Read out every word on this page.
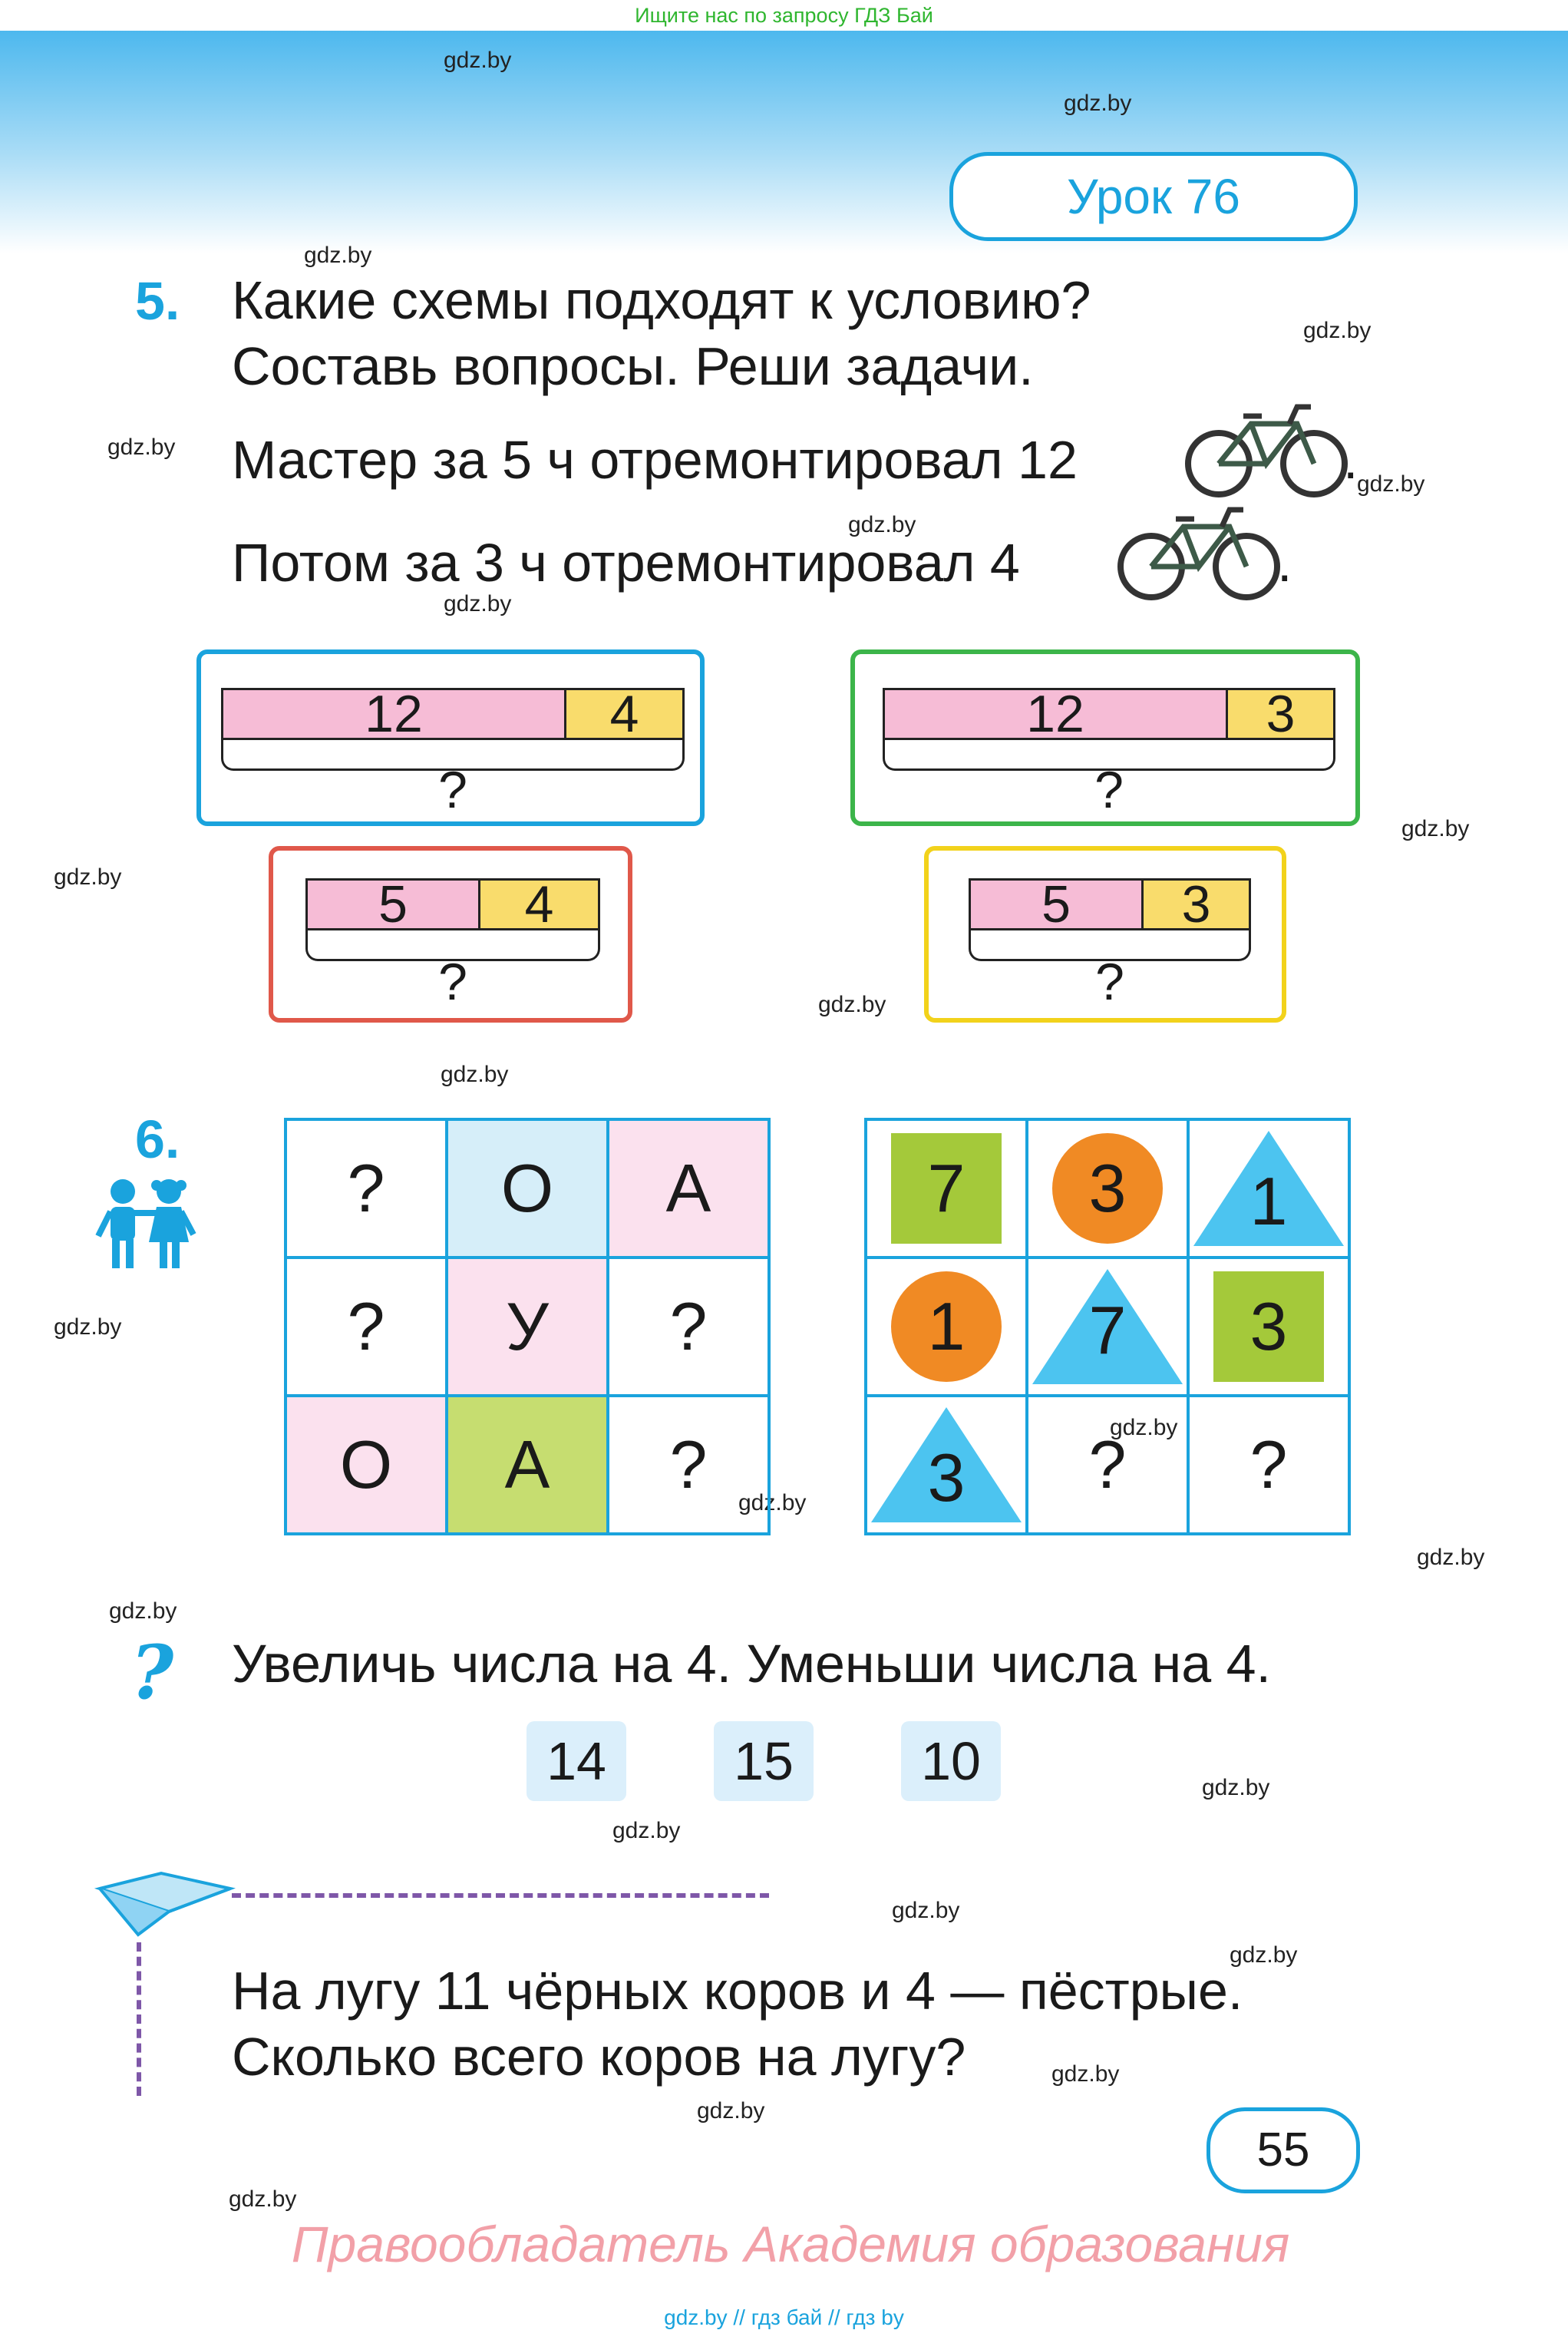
Ищите нас по запросу ГДЗ Бай
gdz.by
gdz.by
gdz.by
gdz.by
gdz.by
gdz.by
gdz.by
gdz.by
gdz.by
gdz.by
gdz.by
gdz.by
gdz.by
gdz.by
gdz.by
gdz.by
gdz.by
gdz.by
gdz.by
gdz.by
gdz.by
gdz.by
gdz.by
gdz.by
Урок 76
5. Какие схемы подходят к условию?
Составь вопросы. Реши задачи.
Мастер за 5 ч отремонтировал 12
Потом за 3 ч отремонтировал 4
.
.
12	4
?
12	3
?
5	4
?
5	3
?
6.
?	О	А
?	У	?
О	А	?
7	3	1

1	7	3

3	?	?
? Увеличь числа на 4. Уменьши числа на 4.
14	15	10
На лугу 11 чёрных коров и 4 — пёстрые.
Сколько всего коров на лугу?
55
Правообладатель Академия образования
gdz.by // гдз бай // гдз by
